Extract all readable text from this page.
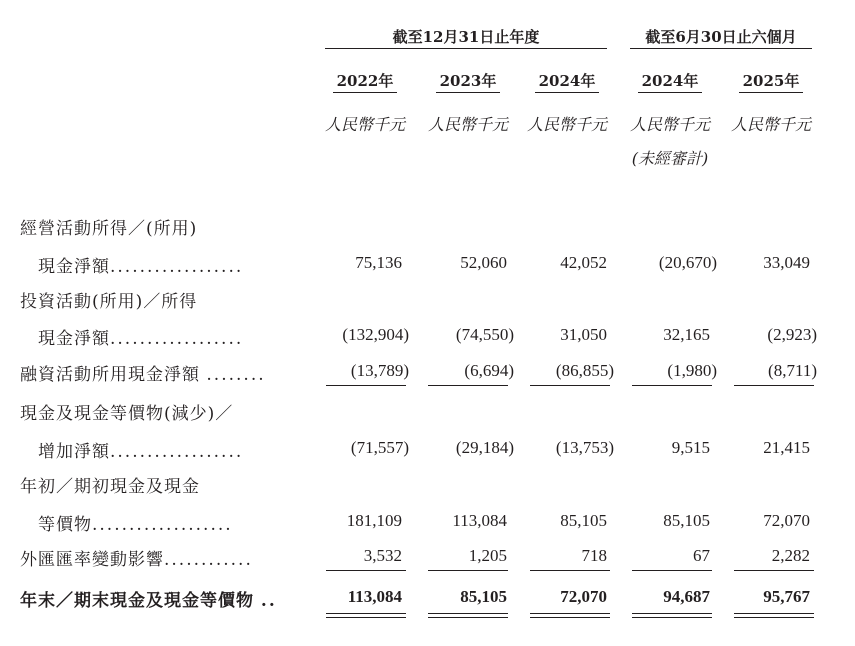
截至12月31日止年度	截至6月30日止六個月
2022年	2023年	2024年	2024年	2025年
人民幣千元	人民幣千元	人民幣千元	人民幣千元	人民幣千元
(未經審計)
經營活動所得／(所用)
現金淨額..................	75,136	52,060	42,052	(20,670)	33,049
投資活動(所用)／所得
現金淨額..................	(132,904)	(74,550)	31,050	32,165	(2,923)
融資活動所用現金淨額 ........	(13,789)	(6,694)	(86,855)	(1,980)	(8,711)
現金及現金等價物(減少)／
增加淨額..................	(71,557)	(29,184)	(13,753)	9,515	21,415
年初／期初現金及現金
等價物...................	181,109	113,084	85,105	85,105	72,070
外匯匯率變動影響............	3,532	1,205	718	67	2,282
年末／期末現金及現金等價物 ..	113,084	85,105	72,070	94,687	95,767
